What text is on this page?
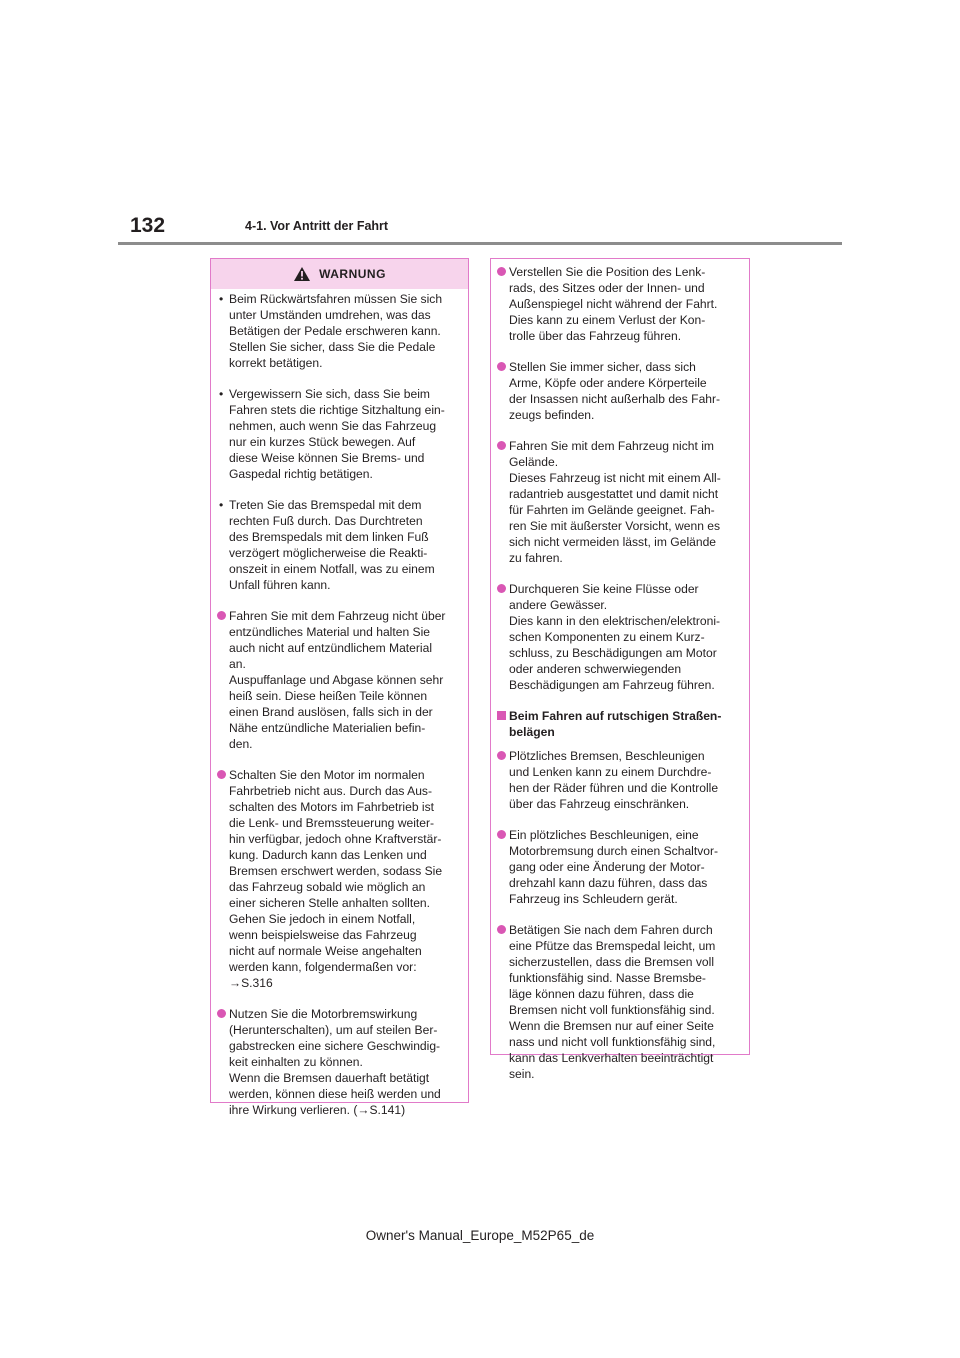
132	4-1. Vor Antritt der Fahrt
WARNUNG
• Beim Rückwärtsfahren müssen Sie sich
unter Umständen umdrehen, was das
Betätigen der Pedale erschweren kann.
Stellen Sie sicher, dass Sie die Pedale
korrekt betätigen.
• Vergewissern Sie sich, dass Sie beim
Fahren stets die richtige Sitzhaltung ein-
nehmen, auch wenn Sie das Fahrzeug
nur ein kurzes Stück bewegen. Auf
diese Weise können Sie Brems- und
Gaspedal richtig betätigen.
• Treten Sie das Bremspedal mit dem
rechten Fuß durch. Das Durchtreten
des Bremspedals mit dem linken Fuß
verzögert möglicherweise die Reakti-
onszeit in einem Notfall, was zu einem
Unfall führen kann.
Fahren Sie mit dem Fahrzeug nicht über
entzündliches Material und halten Sie
auch nicht auf entzündlichem Material
an.
Auspuffanlage und Abgase können sehr
heiß sein. Diese heißen Teile können
einen Brand auslösen, falls sich in der
Nähe entzündliche Materialien befin-
den.
Schalten Sie den Motor im normalen
Fahrbetrieb nicht aus. Durch das Aus-
schalten des Motors im Fahrbetrieb ist
die Lenk- und Bremssteuerung weiter-
hin verfügbar, jedoch ohne Kraftverstär-
kung. Dadurch kann das Lenken und
Bremsen erschwert werden, sodass Sie
das Fahrzeug sobald wie möglich an
einer sicheren Stelle anhalten sollten.
Gehen Sie jedoch in einem Notfall,
wenn beispielsweise das Fahrzeug
nicht auf normale Weise angehalten
werden kann, folgendermaßen vor:
→S.316
Nutzen Sie die Motorbremswirkung
(Herunterschalten), um auf steilen Ber-
gabstrecken eine sichere Geschwindig-
keit einhalten zu können.
Wenn die Bremsen dauerhaft betätigt
werden, können diese heiß werden und
ihre Wirkung verlieren. (→S.141)
Verstellen Sie die Position des Lenk-
rads, des Sitzes oder der Innen- und
Außenspiegel nicht während der Fahrt.
Dies kann zu einem Verlust der Kon-
trolle über das Fahrzeug führen.
Stellen Sie immer sicher, dass sich
Arme, Köpfe oder andere Körperteile
der Insassen nicht außerhalb des Fahr-
zeugs befinden.
Fahren Sie mit dem Fahrzeug nicht im
Gelände.
Dieses Fahrzeug ist nicht mit einem All-
radantrieb ausgestattet und damit nicht
für Fahrten im Gelände geeignet. Fah-
ren Sie mit äußerster Vorsicht, wenn es
sich nicht vermeiden lässt, im Gelände
zu fahren.
Durchqueren Sie keine Flüsse oder
andere Gewässer.
Dies kann in den elektrischen/elektroni-
schen Komponenten zu einem Kurz-
schluss, zu Beschädigungen am Motor
oder anderen schwerwiegenden
Beschädigungen am Fahrzeug führen.
Beim Fahren auf rutschigen Straßen-
belägen
Plötzliches Bremsen, Beschleunigen
und Lenken kann zu einem Durchdre-
hen der Räder führen und die Kontrolle
über das Fahrzeug einschränken.
Ein plötzliches Beschleunigen, eine
Motorbremsung durch einen Schaltvor-
gang oder eine Änderung der Motor-
drehzahl kann dazu führen, dass das
Fahrzeug ins Schleudern gerät.
Betätigen Sie nach dem Fahren durch
eine Pfütze das Bremspedal leicht, um
sicherzustellen, dass die Bremsen voll
funktionsfähig sind. Nasse Bremsbe-
läge können dazu führen, dass die
Bremsen nicht voll funktionsfähig sind.
Wenn die Bremsen nur auf einer Seite
nass und nicht voll funktionsfähig sind,
kann das Lenkverhalten beeinträchtigt
sein.
Owner's Manual_Europe_M52P65_de
